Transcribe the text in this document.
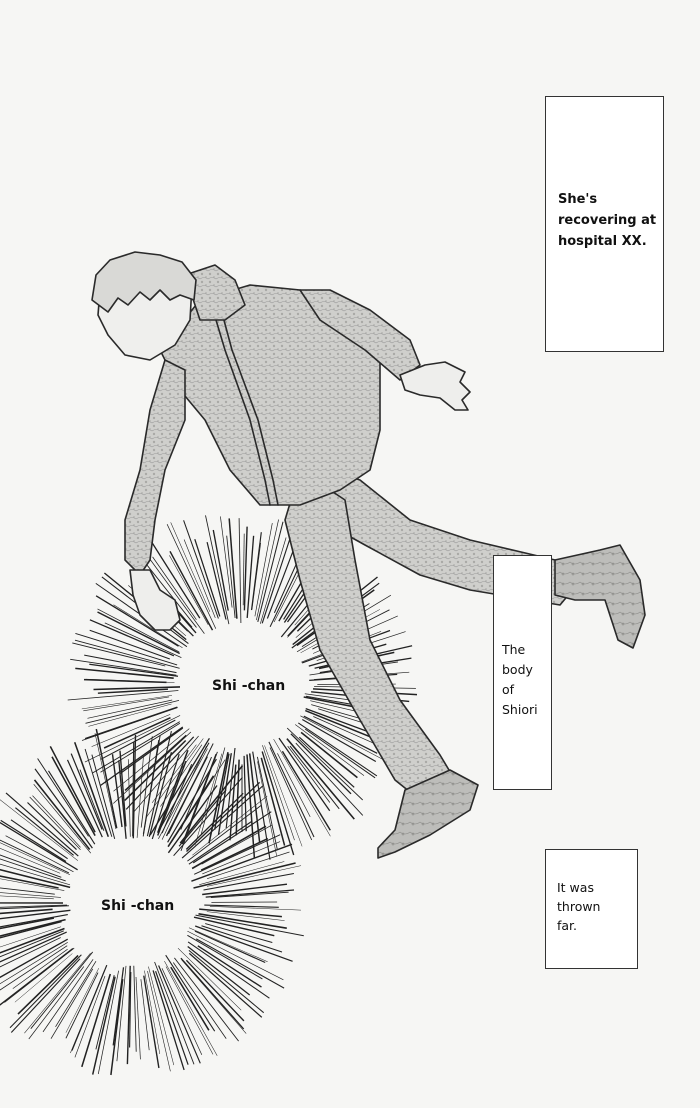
She's
recovering at
hospital XX.
The
body
of
Shiori
It was
thrown
far.
Shi -chan
Shi -chan
